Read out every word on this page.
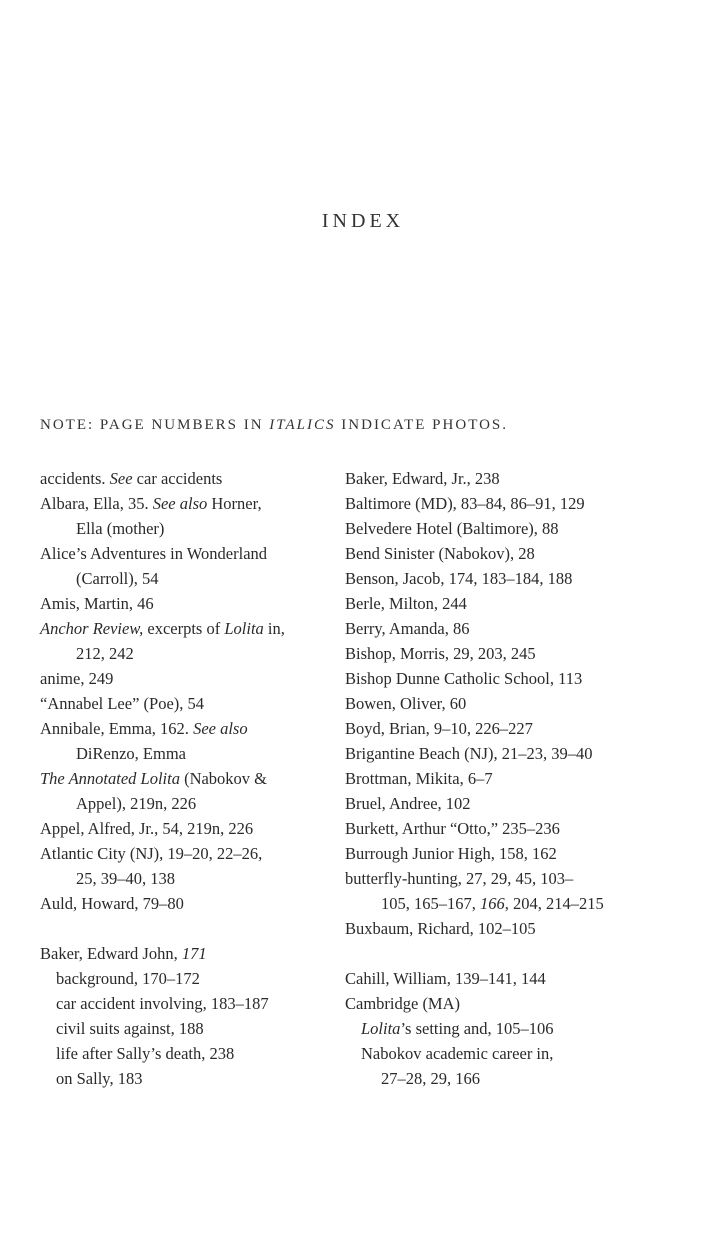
INDEX
NOTE: PAGE NUMBERS IN ITALICS INDICATE PHOTOS.
accidents. See car accidents
Albara, Ella, 35. See also Horner,
Ella (mother)
Alice’s Adventures in Wonderland
(Carroll), 54
Amis, Martin, 46
Anchor Review, excerpts of Lolita in,
212, 242
anime, 249
“Annabel Lee” (Poe), 54
Annibale, Emma, 162. See also
DiRenzo, Emma
The Annotated Lolita (Nabokov &
Appel), 219n, 226
Appel, Alfred, Jr., 54, 219n, 226
Atlantic City (NJ), 19–20, 22–26,
25, 39–40, 138
Auld, Howard, 79–80
Baker, Edward John, 171
background, 170–172
car accident involving, 183–187
civil suits against, 188
life after Sally’s death, 238
on Sally, 183
Baker, Edward, Jr., 238
Baltimore (MD), 83–84, 86–91, 129
Belvedere Hotel (Baltimore), 88
Bend Sinister (Nabokov), 28
Benson, Jacob, 174, 183–184, 188
Berle, Milton, 244
Berry, Amanda, 86
Bishop, Morris, 29, 203, 245
Bishop Dunne Catholic School, 113
Bowen, Oliver, 60
Boyd, Brian, 9–10, 226–227
Brigantine Beach (NJ), 21–23, 39–40
Brottman, Mikita, 6–7
Bruel, Andree, 102
Burkett, Arthur “Otto,” 235–236
Burrough Junior High, 158, 162
butterfly-hunting, 27, 29, 45, 103–
105, 165–167, 166, 204, 214–215
Buxbaum, Richard, 102–105
Cahill, William, 139–141, 144
Cambridge (MA)
Lolita’s setting and, 105–106
Nabokov academic career in,
27–28, 29, 166
